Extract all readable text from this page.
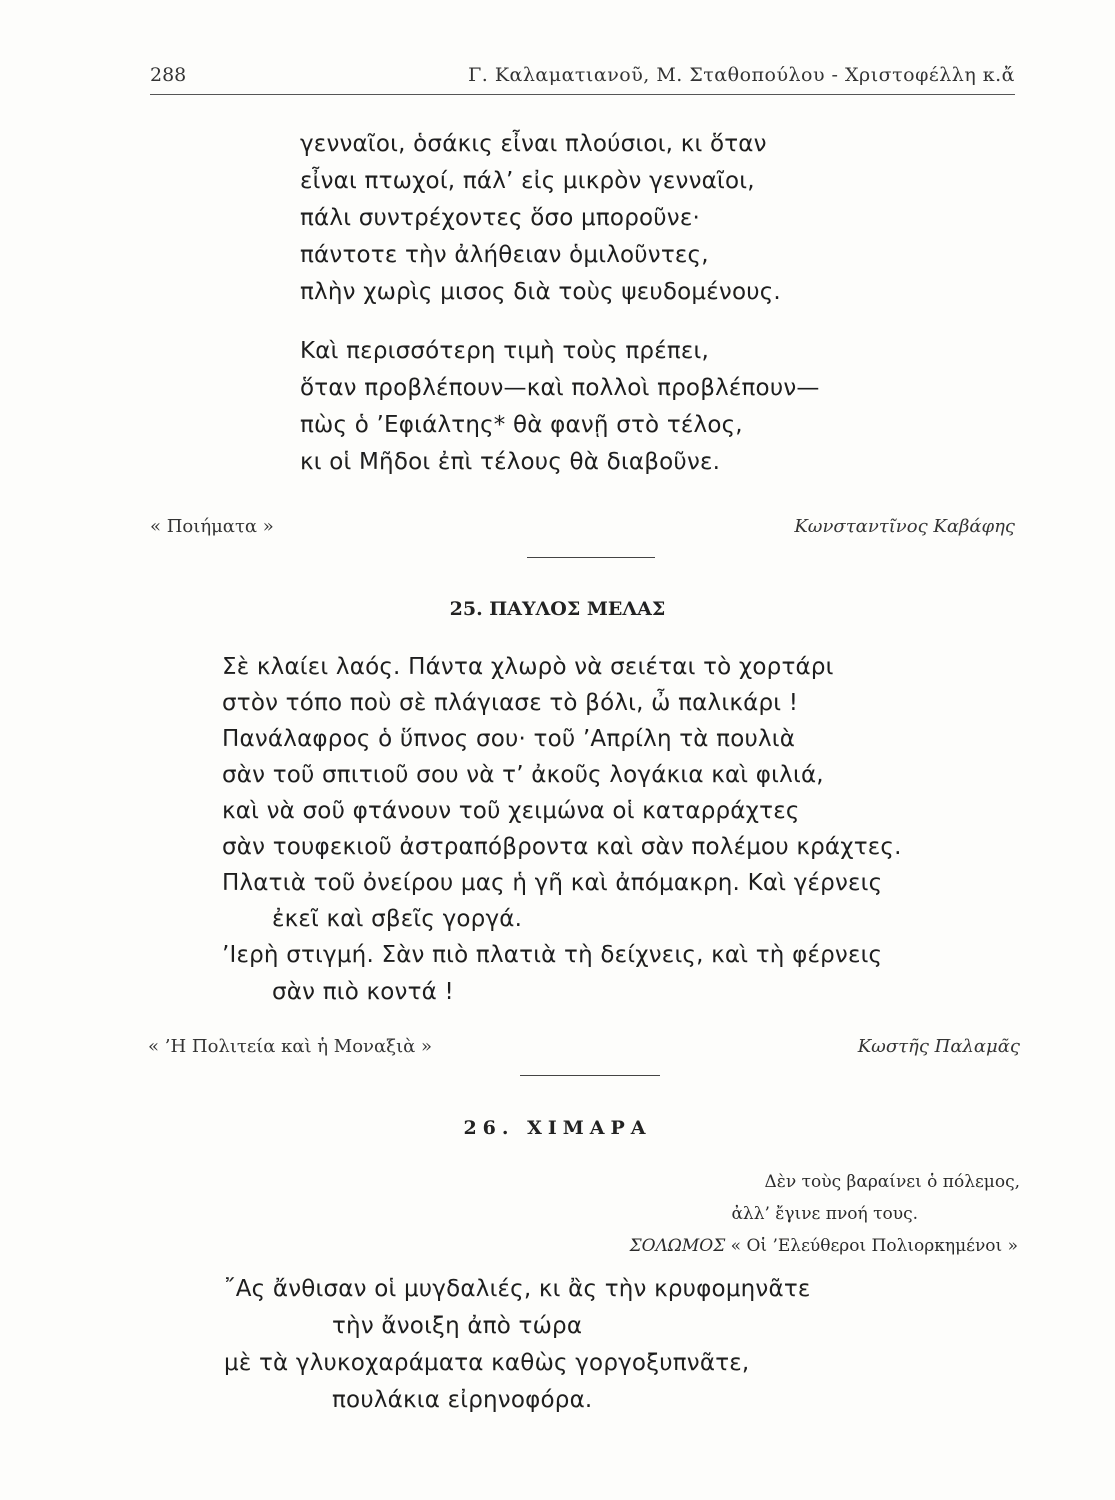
288	Γ. Καλαματιανοῦ, Μ. Σταθοπούλου - Χριστοφέλλη κ.ἄ
γενναῖοι, ὁσάκις εἶναι πλούσιοι, κι ὅταν
εἶναι πτωχοί, πάλ’ εἰς μικρὸν γενναῖοι,
πάλι συντρέχοντες ὅσο μποροῦνε·
πάντοτε τὴν ἀλήθειαν ὁμιλοῦντες,
πλὴν χωρὶς μισος διὰ τοὺς ψευδομένους.
Καὶ περισσότερη τιμὴ τοὺς πρέπει,
ὅταν προβλέπουν—καὶ πολλοὶ προβλέπουν—
πὼς ὁ ’Εφιάλτης* θὰ φανῇ στὸ τέλος,
κι οἱ Μῆδοι ἐπὶ τέλους θὰ διαβοῦνε.
« Ποιήματα »	Κωνσταντῖνος Καβάφης
25. ΠΑΥΛΟΣ ΜΕΛΑΣ
Σὲ κλαίει λαός. Πάντα χλωρὸ νὰ σειέται τὸ χορτάρι
στὸν τόπο ποὺ σὲ πλάγιασε τὸ βόλι, ὦ παλικάρι !
Πανάλαφρος ὁ ὕπνος σου· τοῦ ’Απρίλη τὰ πουλιὰ
σὰν τοῦ σπιτιοῦ σου νὰ τ’ ἀκοῦς λογάκια καὶ φιλιά,
καὶ νὰ σοῦ φτάνουν τοῦ χειμώνα οἱ καταρράχτες
σὰν τουφεκιοῦ ἀστραπόβροντα καὶ σὰν πολέμου κράχτες.
Πλατιὰ τοῦ ὀνείρου μας ἡ γῆ καὶ ἀπόμακρη. Καὶ γέρνεις
ἐκεῖ καὶ σβεῖς γοργά.
’Ιερὴ στιγμή. Σὰν πιὸ πλατιὰ τὴ δείχνεις, καὶ τὴ φέρνεις
σὰν πιὸ κοντά !
« ’Η Πολιτεία καὶ ἡ Μοναξιὰ »	Κωστῆς Παλαμᾶς
26. ΧΙΜΑΡΑ
Δὲν τοὺς βαραίνει ὁ πόλεμος,
ἀλλ’ ἔγινε πνοή τους.
ΣΟΛΩΜΟΣ « Οἱ ’Ελεύθεροι Πολιορκημένοι »
῎Ας ἄνθισαν οἱ μυγδαλιές, κι ἂς τὴν κρυφομηνᾶτε
τὴν ἄνοιξη ἀπὸ τώρα
μὲ τὰ γλυκοχαράματα καθὼς γοργοξυπνᾶτε,
πουλάκια εἰρηνοφόρα.
